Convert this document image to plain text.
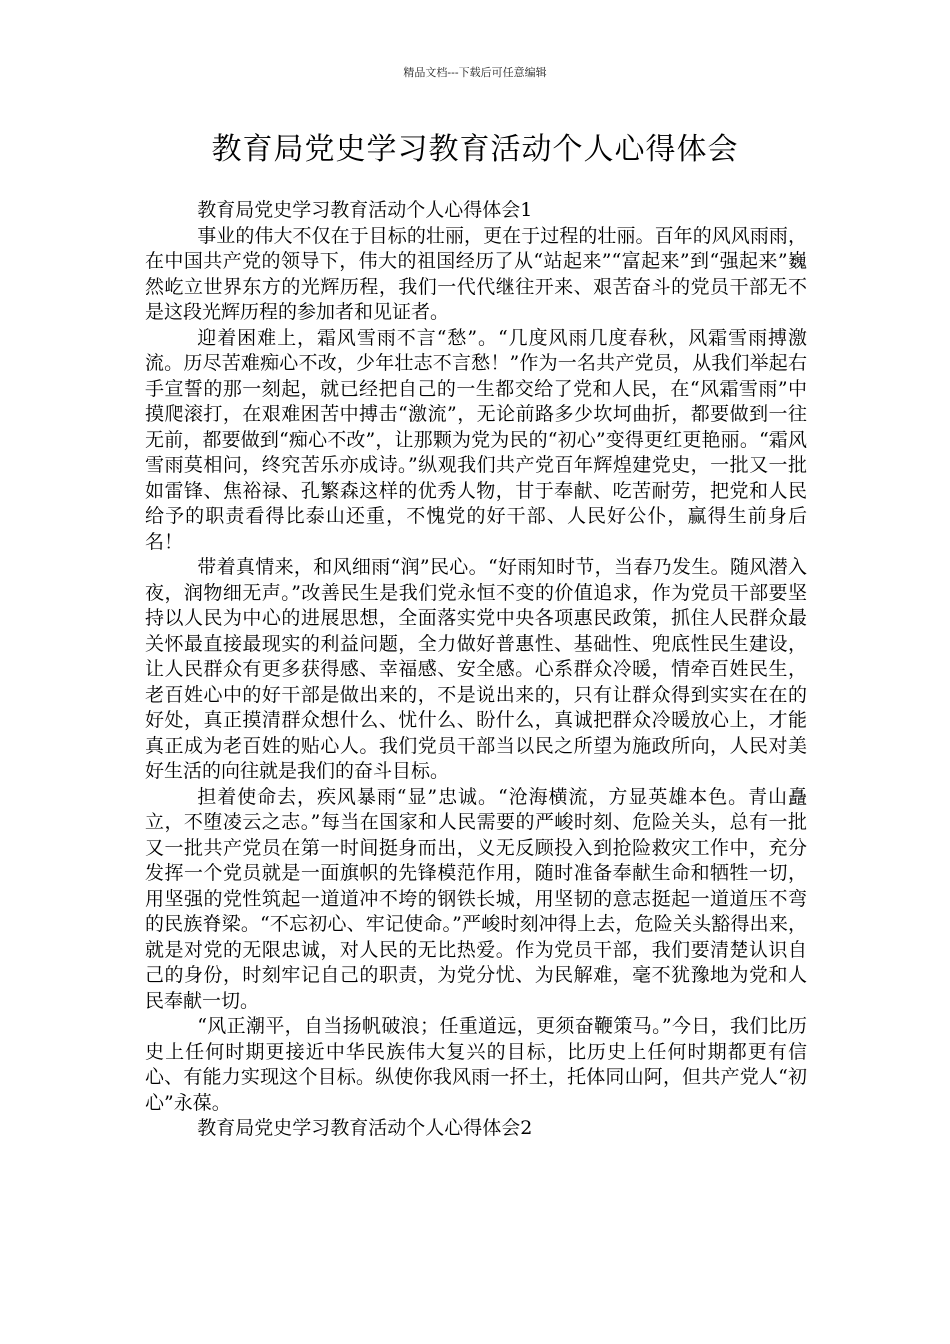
精品文档---下载后可任意编辑
教育局党史学习教育活动个人心得体会

教育局党史学习教育活动个人心得体会1

事业的伟大不仅在于目标的壮丽，更在于过程的壮丽。百年的风风雨雨，在中国共产党的领导下，伟大的祖国经历了从“站起来”“富起来”到“强起来”巍然屹立世界东方的光辉历程，我们一代代继往开来、艰苦奋斗的党员干部无不是这段光辉历程的参加者和见证者。

迎着困难上，霜风雪雨不言“愁”。“几度风雨几度春秋，风霜雪雨搏激流。历尽苦难痴心不改，少年壮志不言愁！”作为一名共产党员，从我们举起右手宣誓的那一刻起，就已经把自己的一生都交给了党和人民，在“风霜雪雨”中摸爬滚打，在艰难困苦中搏击“激流”，无论前路多少坎坷曲折，都要做到一往无前，都要做到“痴心不改”，让那颗为党为民的“初心”变得更红更艳丽。“霜风雪雨莫相问，终究苦乐亦成诗。”纵观我们共产党百年辉煌建党史，一批又一批如雷锋、焦裕禄、孔繁森这样的优秀人物，甘于奉献、吃苦耐劳，把党和人民给予的职责看得比泰山还重，不愧党的好干部、人民好公仆，赢得生前身后名！

带着真情来，和风细雨“润”民心。“好雨知时节，当春乃发生。随风潜入夜，润物细无声。”改善民生是我们党永恒不变的价值追求，作为党员干部要坚持以人民为中心的进展思想，全面落实党中央各项惠民政策，抓住人民群众最关怀最直接最现实的利益问题，全力做好普惠性、基础性、兜底性民生建设，让人民群众有更多获得感、幸福感、安全感。心系群众冷暖，情牵百姓民生，老百姓心中的好干部是做出来的，不是说出来的，只有让群众得到实实在在的好处，真正摸清群众想什么、忧什么、盼什么，真诚把群众冷暖放心上，才能真正成为老百姓的贴心人。我们党员干部当以民之所望为施政所向，人民对美好生活的向往就是我们的奋斗目标。

担着使命去，疾风暴雨“显”忠诚。“沧海横流，方显英雄本色。青山矗立，不堕凌云之志。”每当在国家和人民需要的严峻时刻、危险关头，总有一批又一批共产党员在第一时间挺身而出，义无反顾投入到抢险救灾工作中，充分发挥一个党员就是一面旗帜的先锋模范作用，随时准备奉献生命和牺牲一切，用坚强的党性筑起一道道冲不垮的钢铁长城，用坚韧的意志挺起一道道压不弯的民族脊梁。“不忘初心、牢记使命。”严峻时刻冲得上去，危险关头豁得出来，就是对党的无限忠诚，对人民的无比热爱。作为党员干部，我们要清楚认识自己的身份，时刻牢记自己的职责，为党分忧、为民解难，毫不犹豫地为党和人民奉献一切。

“风正潮平，自当扬帆破浪；任重道远，更须奋鞭策马。”今日，我们比历史上任何时期更接近中华民族伟大复兴的目标，比历史上任何时期都更有信心、有能力实现这个目标。纵使你我风雨一抔土，托体同山阿，但共产党人“初心”永葆。

教育局党史学习教育活动个人心得体会2
